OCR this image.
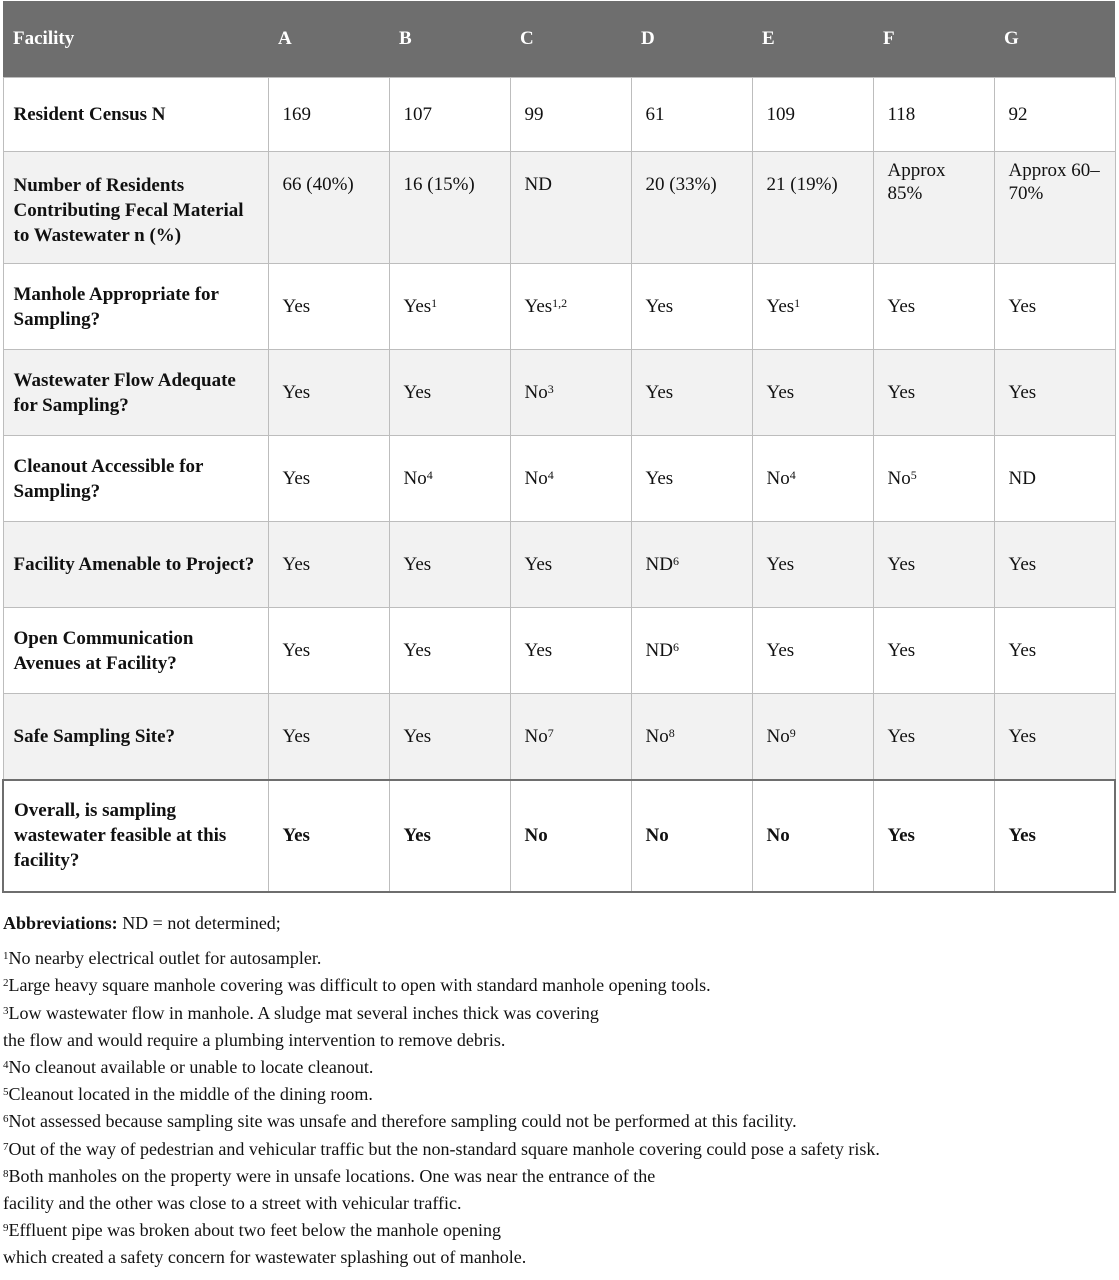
Facility	A	B	C	D	E	F	G
Resident Census N	169	107	99	61	109	118	92
Number of Residents Contributing Fecal Material to Wastewater n (%)	66 (40%)	16 (15%)	ND	20 (33%)	21 (19%)	Approx 85%	Approx 60–70%
Manhole Appropriate for Sampling?	Yes	Yes$^1$	Yes$^{1,2}$	Yes	Yes$^1$	Yes	Yes
Wastewater Flow Adequate for Sampling?	Yes	Yes	No$^3$	Yes	Yes	Yes	Yes
Cleanout Accessible for Sampling?	Yes	No$^4$	No$^4$	Yes	No$^4$	No$^5$	ND
Facility Amenable to Project?	Yes	Yes	Yes	$ND^6$	Yes	Yes	Yes
Open Communication Avenues at Facility?	Yes	Yes	Yes	$ND^6$	Yes	Yes	Yes
Safe Sampling Site?	Yes	Yes	No$^7$	No$^8$	No$^9$	Yes	Yes
Overall, is sampling wastewater feasible at this facility?	Yes	Yes	No	No	No	Yes	Yes
Abbreviations: ND = not determined;
$^1$No nearby electrical outlet for autosampler.
$^2$Large heavy square manhole covering was difficult to open with standard manhole opening tools.
$^3$Low wastewater flow in manhole. A sludge mat several inches thick was covering
the flow and would require a plumbing intervention to remove debris.
$^4$No cleanout available or unable to locate cleanout.
$^5$Cleanout located in the middle of the dining room.
$^6$Not assessed because sampling site was unsafe and therefore sampling could not be performed at this facility.
$^7$Out of the way of pedestrian and vehicular traffic but the non-standard square manhole covering could pose a safety risk.
$^8$Both manholes on the property were in unsafe locations. One was near the entrance of the
facility and the other was close to a street with vehicular traffic.
$^9$Effluent pipe was broken about two feet below the manhole opening
which created a safety concern for wastewater splashing out of manhole.
